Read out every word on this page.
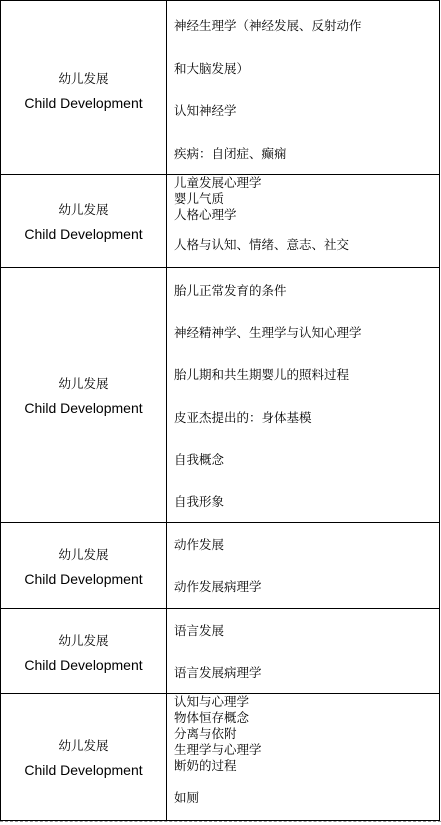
幼儿发展
Child Development
神经生理学（神经发展、反射动作
和大脑发展）
认知神经学
疾病：自闭症、癫痫
幼儿发展
Child Development
儿童发展心理学
婴儿气质
人格心理学
人格与认知、情绪、意志、社交
幼儿发展
Child Development
胎儿正常发育的条件
神经精神学、生理学与认知心理学
胎儿期和共生期婴儿的照料过程
皮亚杰提出的：身体基模
自我概念
自我形象
幼儿发展
Child Development
动作发展
动作发展病理学
幼儿发展
Child Development
语言发展
语言发展病理学
幼儿发展
Child Development
认知与心理学
物体恒存概念
分离与依附
生理学与心理学
断奶的过程
如厕
